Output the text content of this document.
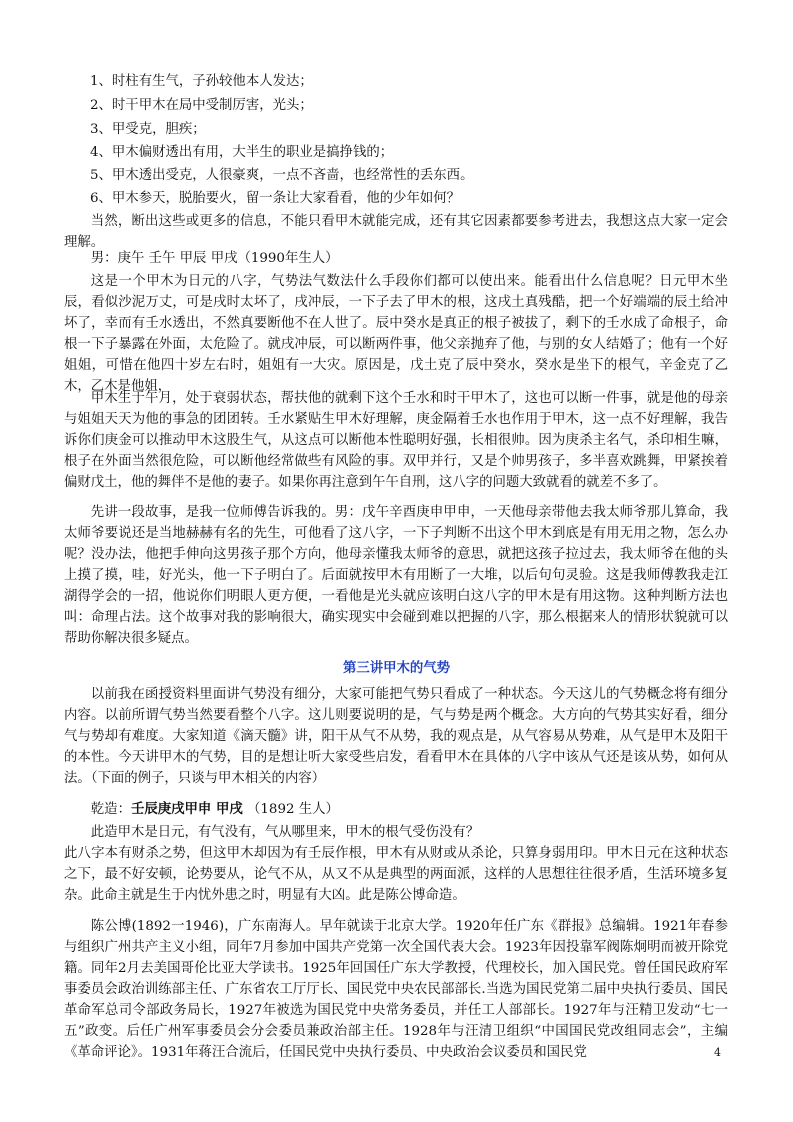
1、时柱有生气，子孙较他本人发达；

2、时干甲木在局中受制厉害，光头；

3、甲受克，胆疾；

4、甲木偏财透出有用，大半生的职业是搞挣钱的；

5、甲木透出受克，人很豪爽，一点不吝啬，也经常性的丢东西。

6、甲木参天，脱胎要火，留一条让大家看看，他的少年如何？

当然，断出这些或更多的信息，不能只看甲木就能完成，还有其它因素都要参考进去，我想这点大家一定会理解。

男：庚午 壬午 甲辰 甲戌（1990年生人）

这是一个甲木为日元的八字，气势法气数法什么手段你们都可以使出来。能看出什么信息呢？日元甲木坐辰，看似沙泥万丈，可是戌时太坏了，戌冲辰，一下子去了甲木的根，这戌土真残酷，把一个好端端的辰土给冲坏了，幸而有壬水透出，不然真要断他不在人世了。辰中癸水是真正的根子被拔了，剩下的壬水成了命根子，命根一下子暴露在外面，太危险了。就戌冲辰，可以断两件事，他父亲抛弃了他，与别的女人结婚了；他有一个好姐姐，可惜在他四十岁左右时，姐姐有一大灾。原因是，戊土克了辰中癸水，癸水是坐下的根气，辛金克了乙木，乙木是他姐，

甲木生于午月，处于衰弱状态，帮扶他的就剩下这个壬水和时干甲木了，这也可以断一件事，就是他的母亲与姐姐天天为他的事急的团团转。壬水紧贴生甲木好理解，庚金隔着壬水也作用于甲木，这一点不好理解，我告诉你们庚金可以推动甲木这股生气，从这点可以断他本性聪明好强，长相很帅。因为庚杀主名气，杀印相生嘛，根子在外面当然很危险，可以断他经常做些有风险的事。双甲并行，又是个帅男孩子，多半喜欢跳舞，甲紧挨着偏财戊土，他的舞伴不是他的妻子。如果你再注意到午午自刑，这八字的问题大致就看的就差不多了。

先讲一段故事，是我一位师傅告诉我的。男：戊午辛酉庚申甲申，一天他母亲带他去我太师爷那儿算命，我太师爷要说还是当地赫赫有名的先生，可他看了这八字，一下子判断不出这个甲木到底是有用无用之物，怎么办呢？没办法，他把手伸向这男孩子那个方向，他母亲懂我太师爷的意思，就把这孩子拉过去，我太师爷在他的头上摸了摸，哇，好光头，他一下子明白了。后面就按甲木有用断了一大堆，以后句句灵验。这是我师傅教我走江湖得学会的一招，他说你们明眼人更方便，一看他是光头就应该明白这八字的甲木是有用这物。这种判断方法也叫：命理占法。这个故事对我的影响很大，确实现实中会碰到难以把握的八字，那么根据来人的情形状貌就可以帮助你解决很多疑点。

第三讲甲木的气势

以前我在函授资料里面讲气势没有细分，大家可能把气势只看成了一种状态。今天这儿的气势概念将有细分内容。以前所谓气势当然要看整个八字。这儿则要说明的是，气与势是两个概念。大方向的气势其实好看，细分气与势却有难度。大家知道《滴天髓》讲，阳干从气不从势，我的观点是，从气容易从势难，从气是甲木及阳干的本性。今天讲甲木的气势，目的是想让听大家受些启发，看看甲木在具体的八字中该从气还是该从势，如何从法。（下面的例子，只谈与甲木相关的内容）

乾造：壬辰庚戌甲申 甲戌 （1892 生人）

此造甲木是日元，有气没有，气从哪里来，甲木的根气受伤没有？

此八字本有财杀之势，但这甲木却因为有壬辰作根，甲木有从财或从杀论，只算身弱用印。甲木日元在这种状态之下，最不好安顿，论势要从，论气不从，从又不从是典型的两面派，这样的人思想往往很矛盾，生活环境多复杂。此命主就是生于内忧外患之时，明显有大凶。此是陈公博命造。

陈公博(1892一1946)，广东南海人。早年就读于北京大学。1920年任广东《群报》总编辑。1921年春参与组织广州共产主义小组，同年7月参加中国共产党第一次全国代表大会。1923年因投靠军阀陈炯明而被开除党籍。同年2月去美国哥伦比亚大学读书。1925年回国任广东大学教授，代理校长，加入国民党。曾任国民政府军事委员会政治训练部主任、广东省农工厅厅长、国民党中央农民部部长.当选为国民党第二届中央执行委员、国民革命军总司令部政务局长，1927年被选为国民党中央常务委员，并任工人部部长。1927年与汪精卫发动“七一五”政变。后任广州军事委员会分会委员兼政治部主任。1928年与汪清卫组织“中国国民党改组同志会”，主编《革命评论》。1931年蒋汪合流后，任国民党中央执行委员、中央政治会议委员和国民党	4
